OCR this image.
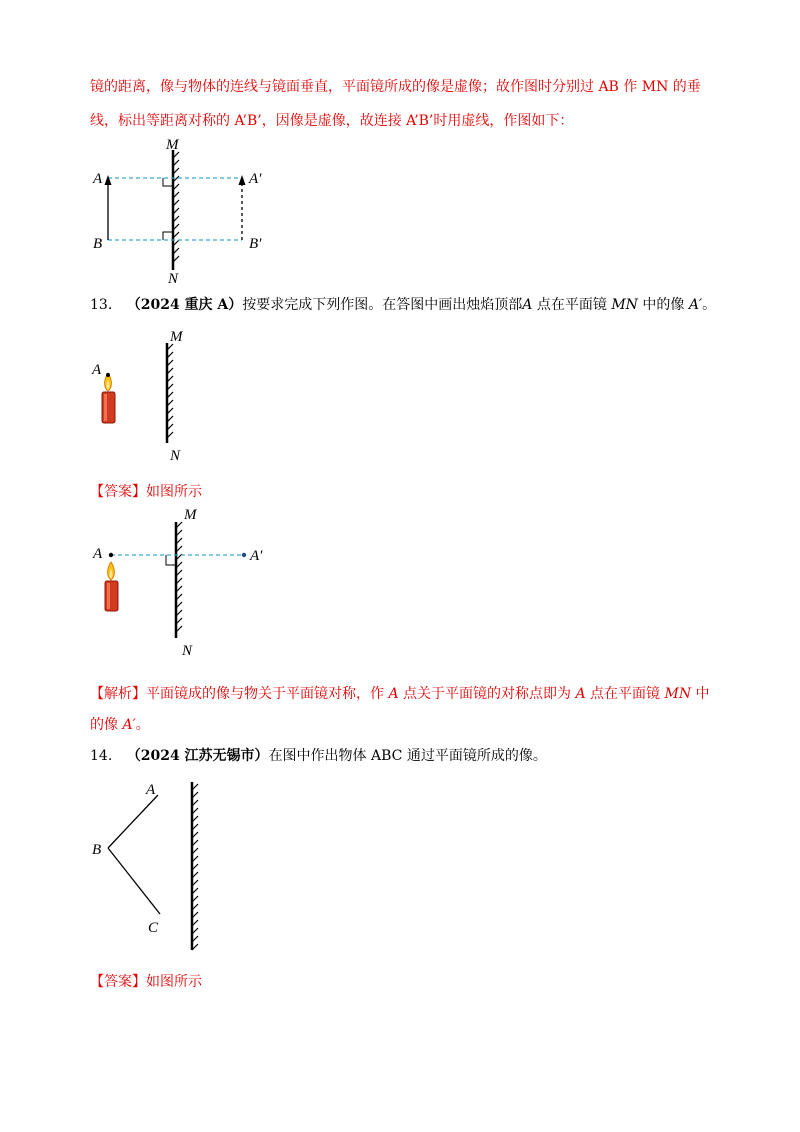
镜的距离，像与物体的连线与镜面垂直，平面镜所成的像是虚像；故作图时分别过 AB 作 MN 的垂
线，标出等距离对称的 A’B’，因像是虚像，故连接 A’B’时用虚线，作图如下：
M
N
A
B
A′
B′
13. （2024 重庆 A）按要求完成下列作图。在答图中画出烛焰顶部A 点在平面镜 MN 中的像 A′。
A
M
N
【答案】如图所示
A	A′
M
N
【解析】平面镜成的像与物关于平面镜对称，作 A 点关于平面镜的对称点即为 A 点在平面镜 MN 中
的像 A′。
14. （2024 江苏无锡市）在图中作出物体 ABC 通过平面镜所成的像。
A
B
C
【答案】如图所示
